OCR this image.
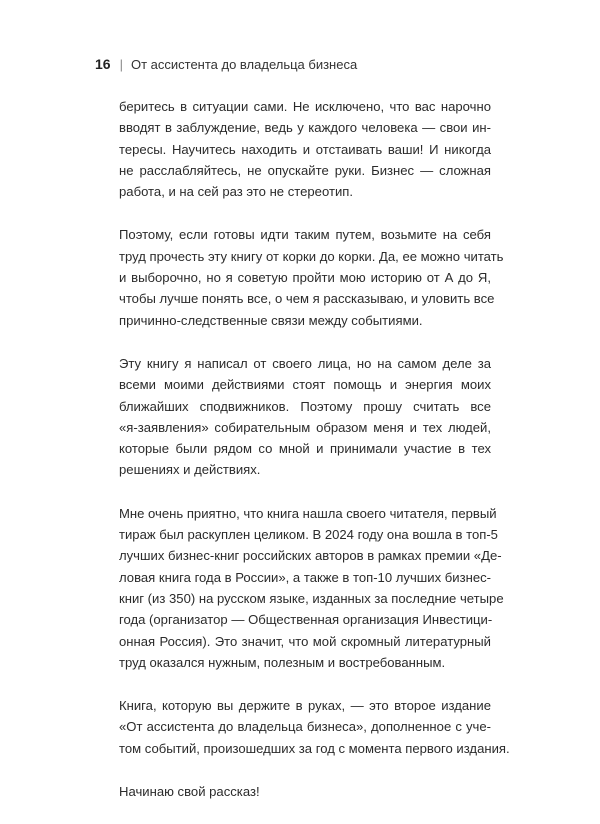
16 | От ассистента до владельца бизнеса
беритесь в ситуации сами. Не исключено, что вас нарочно
вводят в заблуждение, ведь у каждого человека — свои ин-
тересы. Научитесь находить и отстаивать ваши! И никогда
не расслабляйтесь, не опускайте руки. Бизнес — сложная
работа, и на сей раз это не стереотип.
Поэтому, если готовы идти таким путем, возьмите на себя
труд прочесть эту книгу от корки до корки. Да, ее можно читать
и выборочно, но я советую пройти мою историю от А до Я,
чтобы лучше понять все, о чем я рассказываю, и уловить все
причинно-следственные связи между событиями.
Эту книгу я написал от своего лица, но на самом деле за
всеми моими действиями стоят помощь и энергия моих
ближайших сподвижников. Поэтому прошу считать все
«я-заявления» собирательным образом меня и тех людей,
которые были рядом со мной и принимали участие в тех
решениях и действиях.
Мне очень приятно, что книга нашла своего читателя, первый
тираж был раскуплен целиком. В 2024 году она вошла в топ-5
лучших бизнес-книг российских авторов в рамках премии «Де-
ловая книга года в России», а также в топ-10 лучших бизнес-
книг (из 350) на русском языке, изданных за последние четыре
года (организатор — Общественная организация Инвестици-
онная Россия). Это значит, что мой скромный литературный
труд оказался нужным, полезным и востребованным.
Книга, которую вы держите в руках, — это второе издание
«От ассистента до владельца бизнеса», дополненное с уче-
том событий, произошедших за год с момента первого издания.
Начинаю свой рассказ!
